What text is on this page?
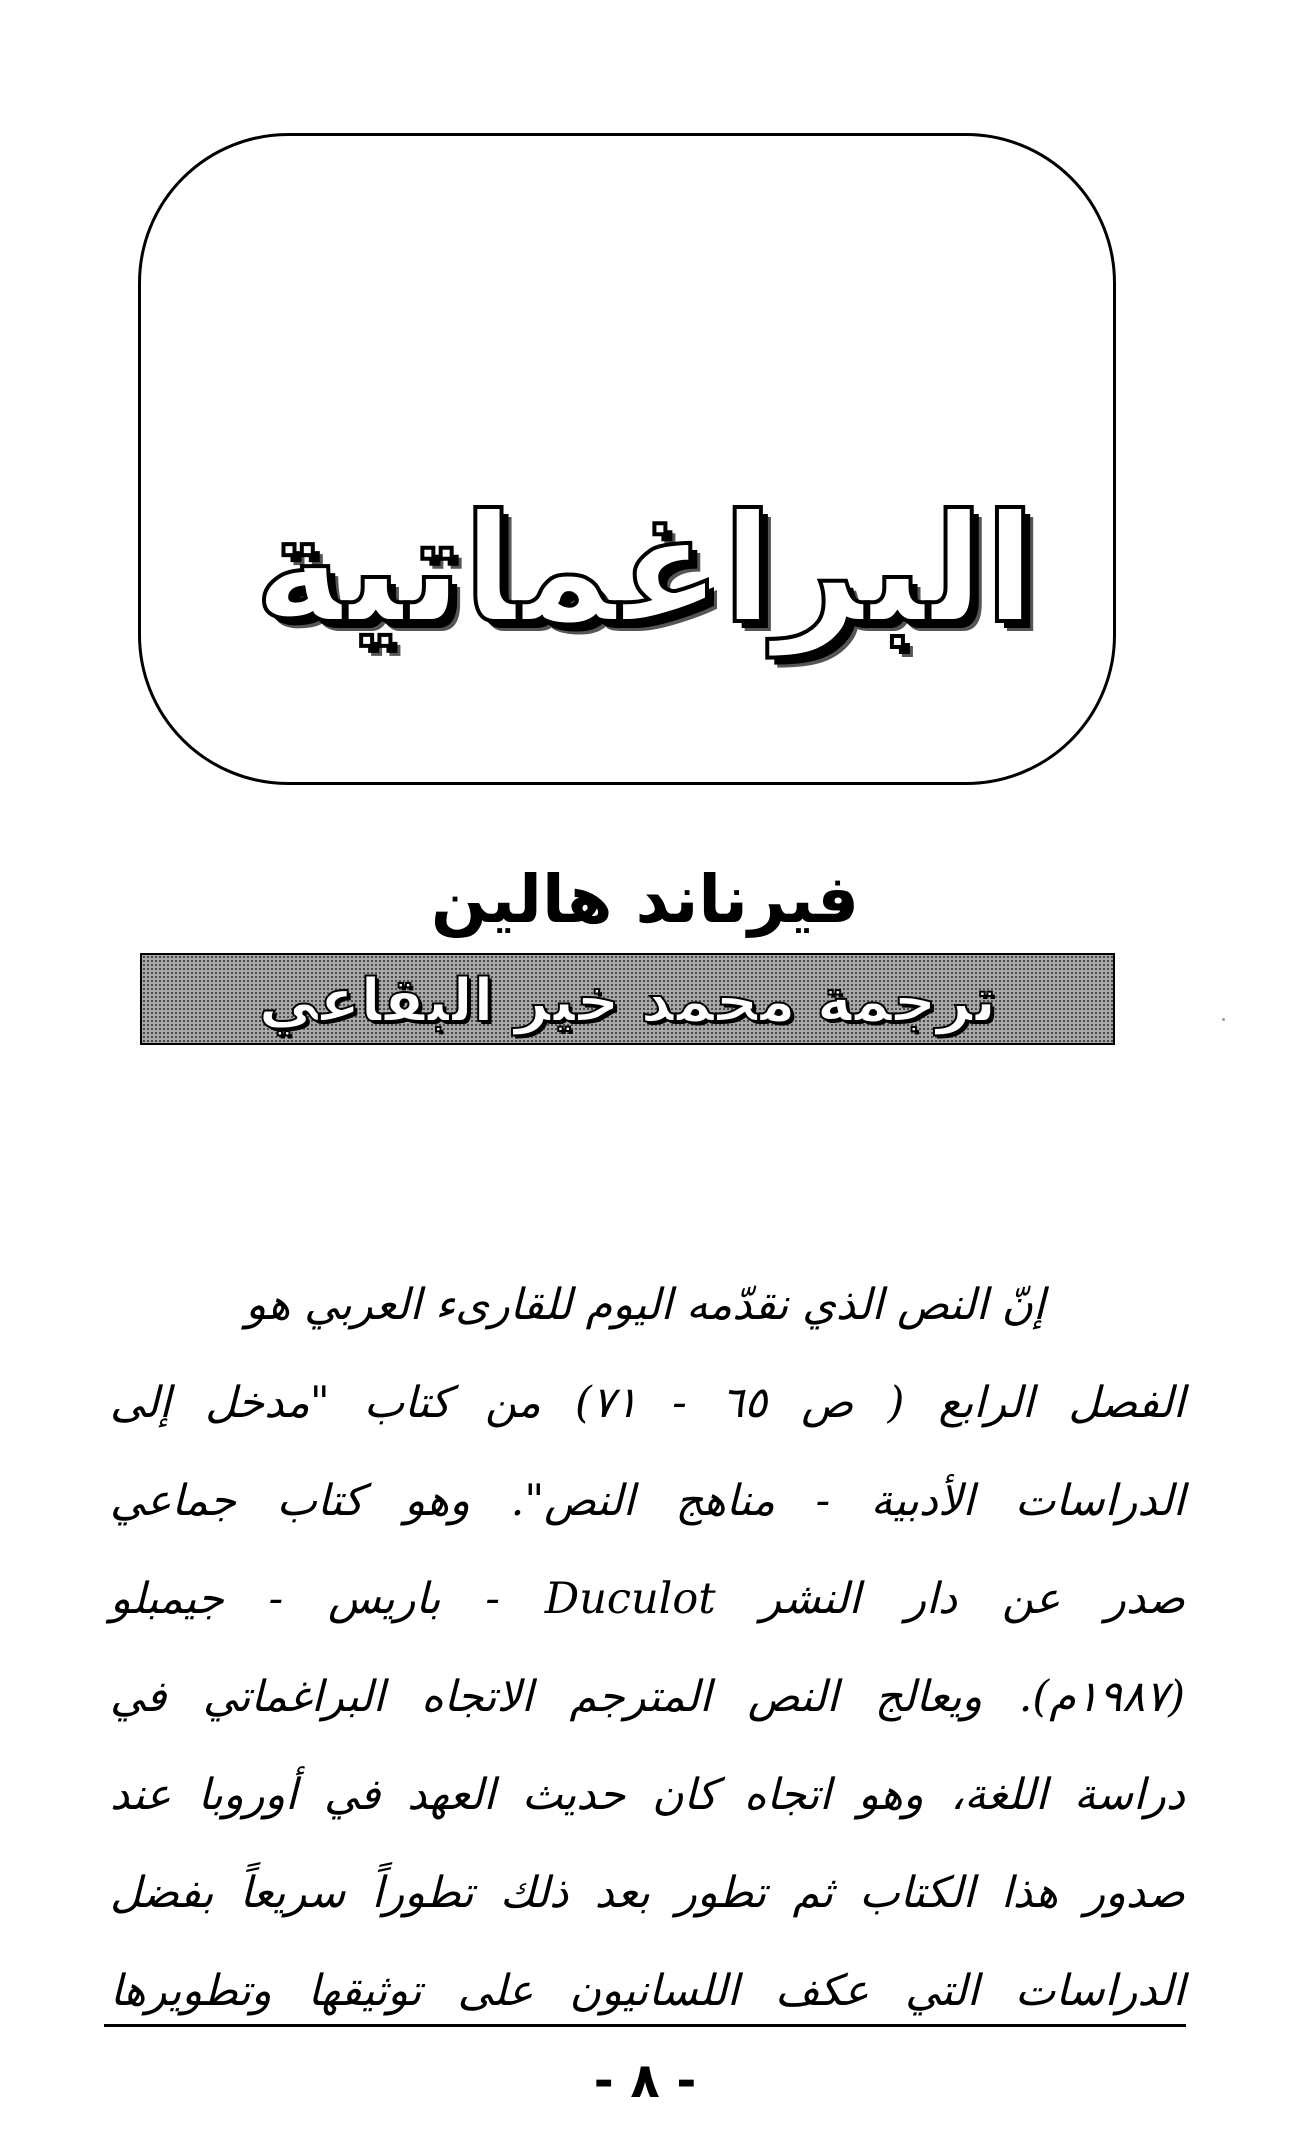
البراغماتية
فيرناند هالين
ترجمة محمد خير البقاعي
إنّ النص الذي نقدّمه اليوم للقارىء العربي هو
الفصل الرابع ( ص ٦٥ - ٧١) من كتاب "مدخل إلى
الدراسات الأدبية - مناهج النص". وهو كتاب جماعي
صدر عن دار النشر Duculot - باريس - جيمبلو
(١٩٨٧م). ويعالج النص المترجم الاتجاه البراغماتي في
دراسة اللغة، وهو اتجاه كان حديث العهد في أوروبا عند
صدور هذا الكتاب ثم تطور بعد ذلك تطوراً سريعاً بفضل
الدراسات التي عكف اللسانيون على توثيقها وتطويرها
- ٨ -
